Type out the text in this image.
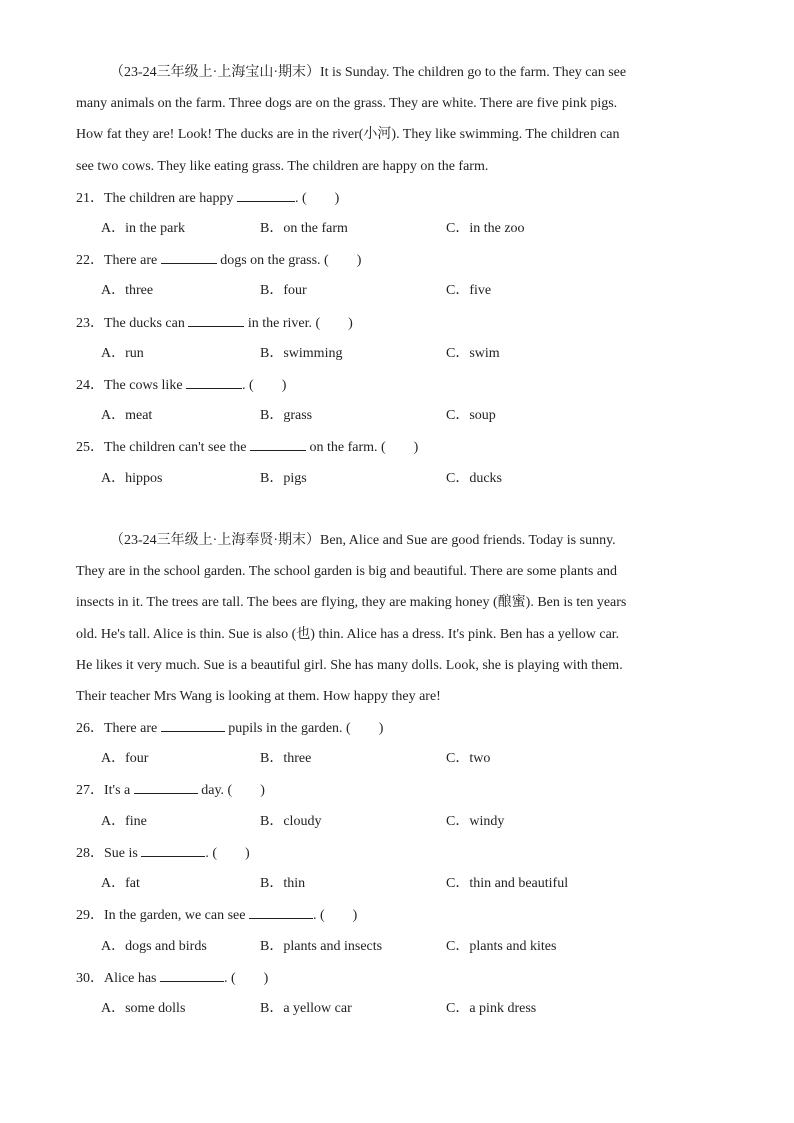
（23-24三年级上·上海宝山·期末）It is Sunday. The children go to the farm. They can see
many animals on the farm. Three dogs are on the grass. They are white. There are five pink pigs.
How fat they are! Look! The ducks are in the river(小河). They like swimming. The children can
see two cows. They like eating grass. The children are happy on the farm.
21．The children are happy	. (　　)
A．in the park	B．on the farm	C．in the zoo
22．There are	dogs on the grass. (　　)
A．three	B．four	C．five
23．The ducks can	in the river. (　　)
A．run	B．swimming	C．swim
24．The cows like	. (　　)
A．meat	B．grass	C．soup
25．The children can't see the	on the farm. (　　)
A．hippos	B．pigs	C．ducks
（23-24三年级上·上海奉贤·期末）Ben, Alice and Sue are good friends. Today is sunny.
They are in the school garden. The school garden is big and beautiful. There are some plants and
insects in it. The trees are tall. The bees are flying, they are making honey (酿蜜). Ben is ten years
old. He's tall. Alice is thin. Sue is also (也) thin. Alice has a dress. It's pink. Ben has a yellow car.
He likes it very much. Sue is a beautiful girl. She has many dolls. Look, she is playing with them.
Their teacher Mrs Wang is looking at them. How happy they are!
26．There are	pupils in the garden. (　　)
A．four	B．three	C．two
27．It's a	day. (　　)
A．fine	B．cloudy	C．windy
28．Sue is	. (　　)
A．fat	B．thin	C．thin and beautiful
29．In the garden, we can see	. (　　)
A．dogs and birds	B．plants and insects	C．plants and kites
30．Alice has	. (　　)
A．some dolls	B．a yellow car	C．a pink dress
